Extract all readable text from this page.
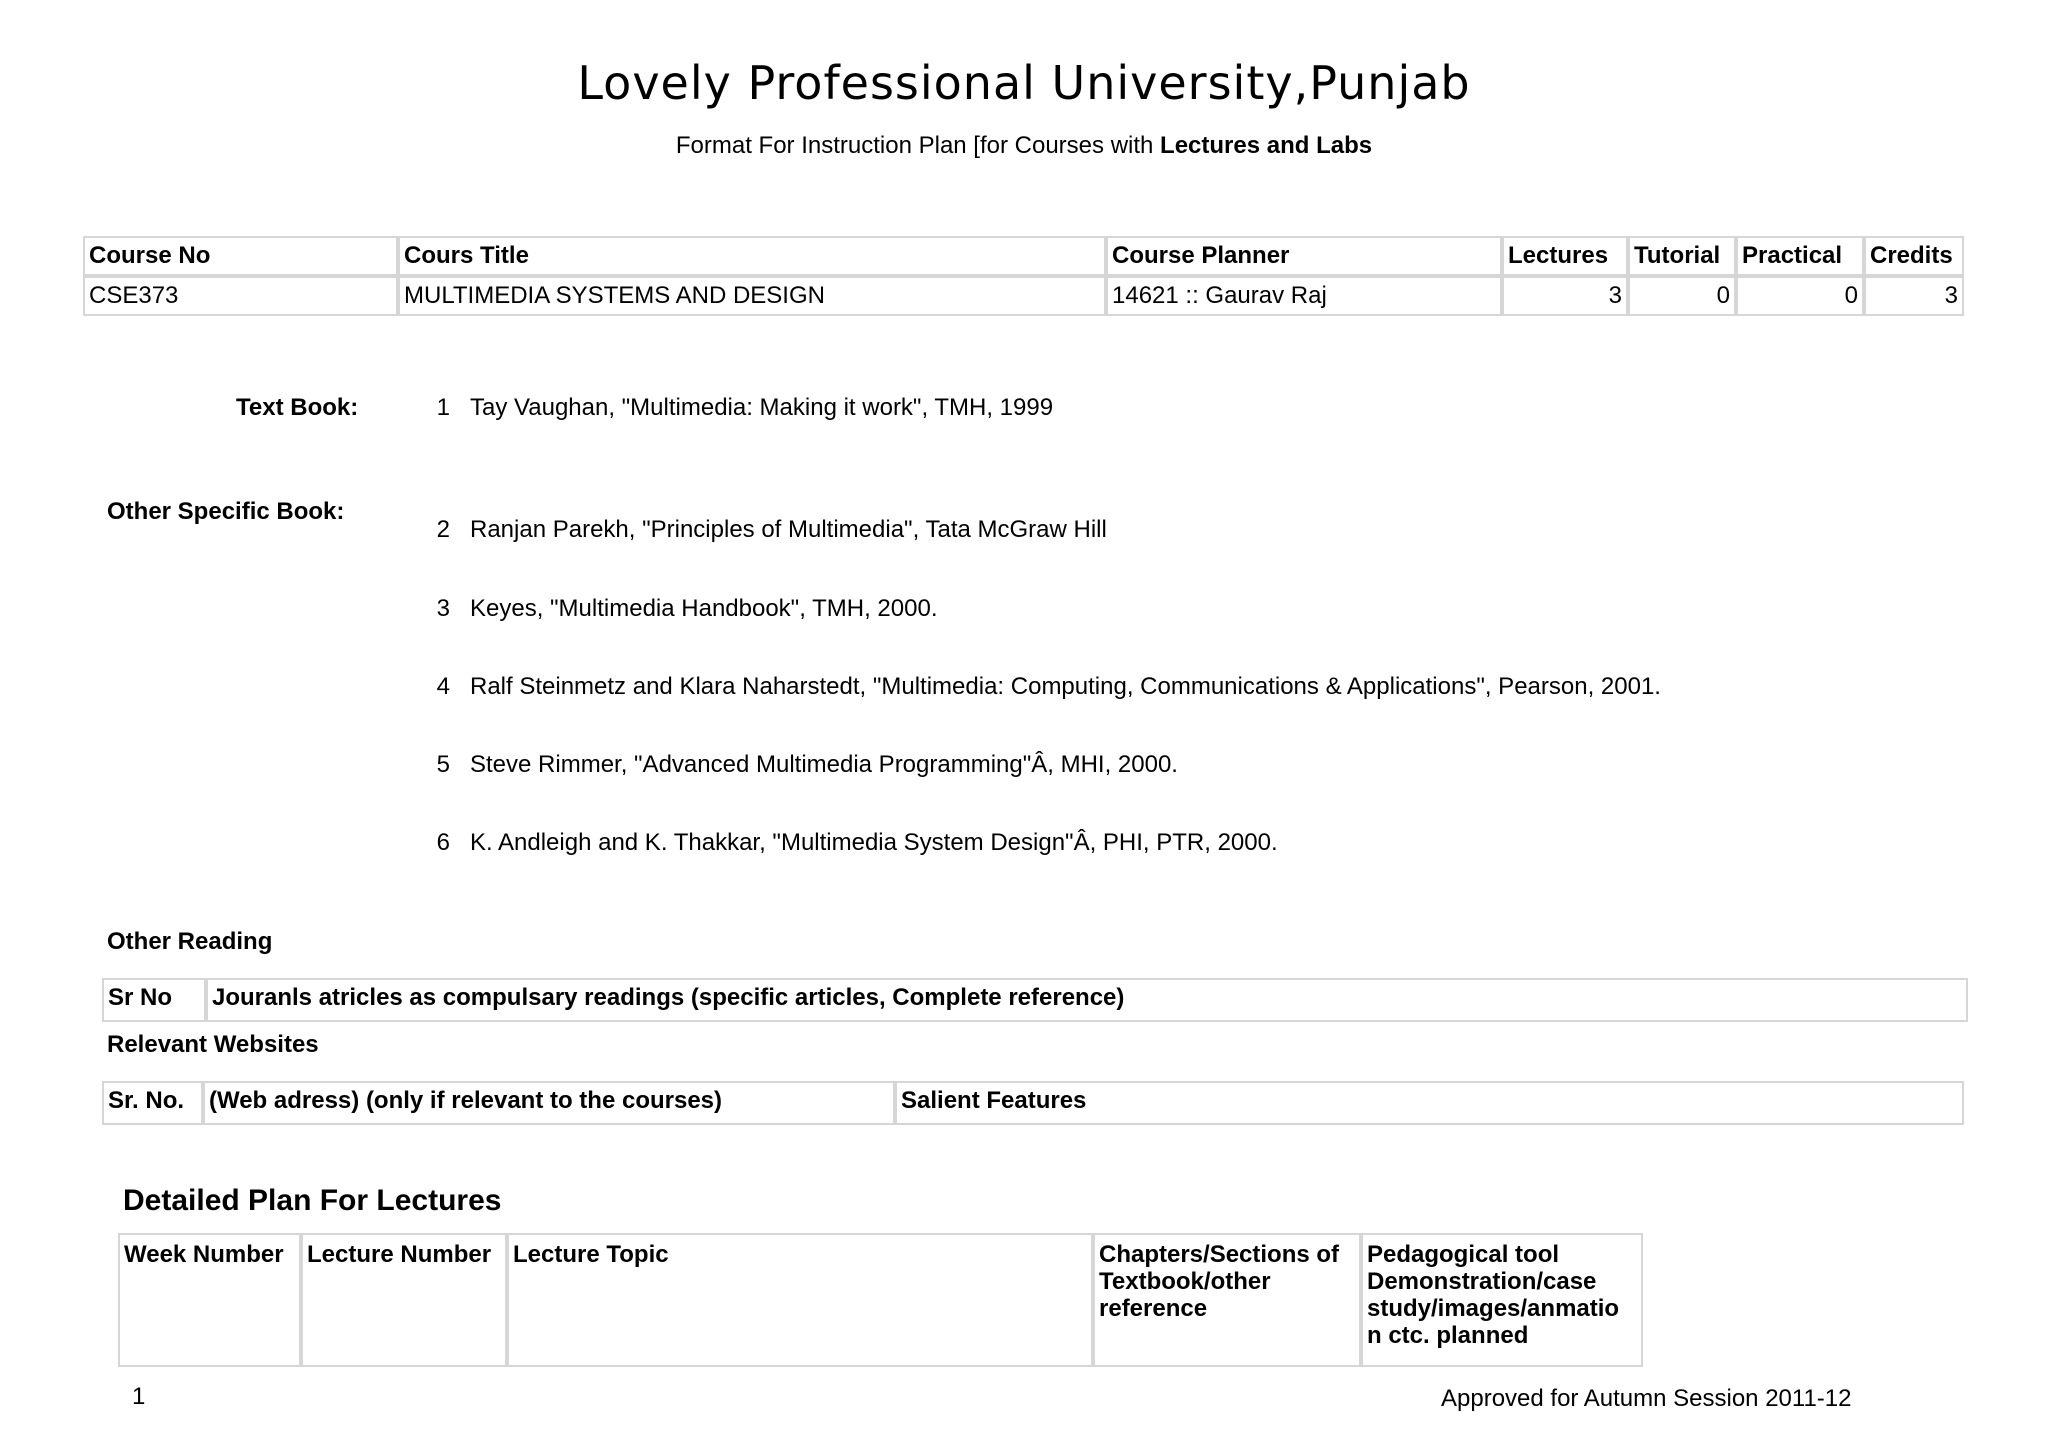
Lovely Professional University,Punjab
Format For Instruction Plan [for Courses with Lectures and Labs
Course No	Cours Title	Course Planner	Lectures	Tutorial	Practical	Credits
CSE373	MULTIMEDIA SYSTEMS AND DESIGN	14621 :: Gaurav Raj	3	0	0	3
Text Book:	1 Tay Vaughan, "Multimedia: Making it work", TMH, 1999
Other Specific Book:
2 Ranjan Parekh, "Principles of Multimedia", Tata McGraw Hill
3 Keyes, "Multimedia Handbook", TMH, 2000.
4 Ralf Steinmetz and Klara Naharstedt, "Multimedia: Computing, Communications & Applications", Pearson, 2001.
5 Steve Rimmer, "Advanced Multimedia Programming"Â, MHI, 2000.
6 K. Andleigh and K. Thakkar, "Multimedia System Design"Â, PHI, PTR, 2000.
Other Reading
Sr No	Jouranls atricles as compulsary readings (specific articles, Complete reference)
Relevant Websites
Sr. No.	(Web adress) (only if relevant to the courses)	Salient Features
Detailed Plan For Lectures
Week Number	Lecture Number	Lecture Topic	Chapters/Sections of Textbook/other reference	Pedagogical tool Demonstration/case study/images/anmatio n ctc. planned
1	Approved for Autumn Session 2011-12
